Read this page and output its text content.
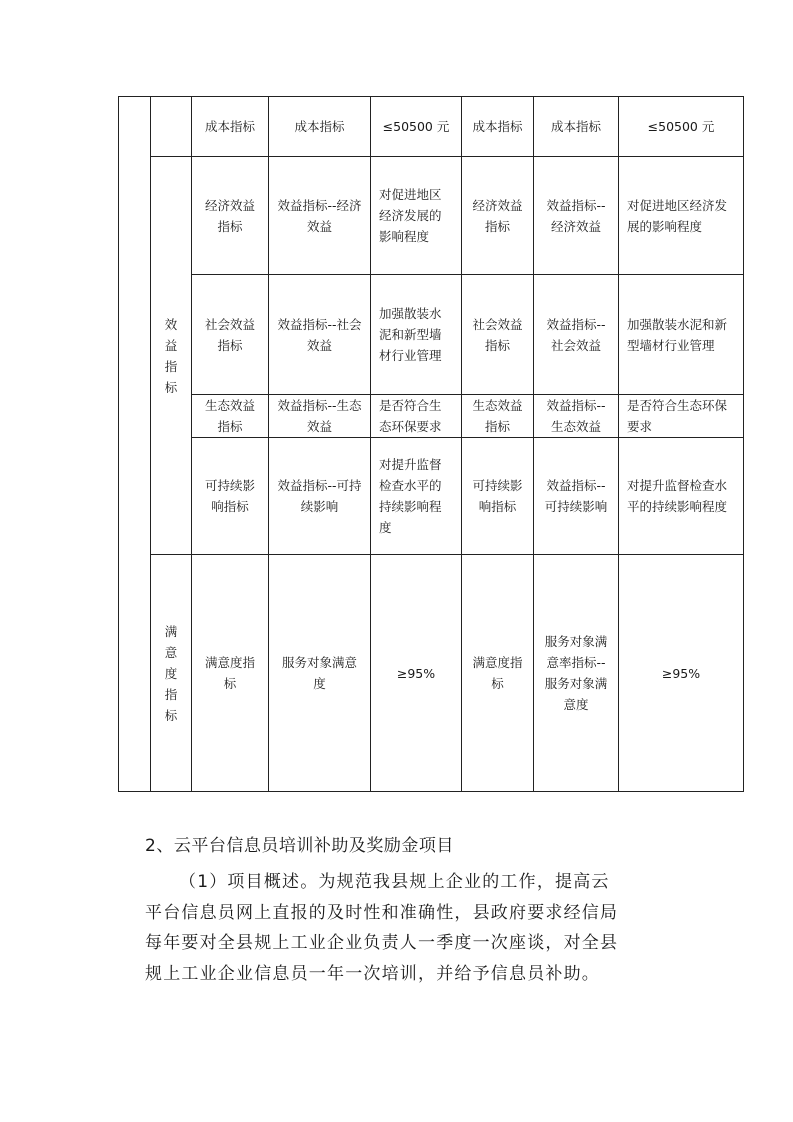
		成本指标	成本指标	≤50500 元	成本指标	成本指标	≤50500 元
	效益指标	经济效益指标	效益指标--经济效益	对促进地区经济发展的影响程度	经济效益指标	效益指标--经济效益	对促进地区经济发展的影响程度
		社会效益指标	效益指标--社会效益	加强散装水泥和新型墙材行业管理	社会效益指标	效益指标--社会效益	加强散装水泥和新型墙材行业管理
		生态效益指标	效益指标--生态效益	是否符合生态环保要求	生态效益指标	效益指标--生态效益	是否符合生态环保要求
		可持续影响指标	效益指标--可持续影响	对提升监督检查水平的持续影响程度	可持续影响指标	效益指标--可持续影响	对提升监督检查水平的持续影响程度
	满意度指标	满意度指标	服务对象满意度	≥95%	满意度指标	服务对象满意率指标--服务对象满意度	≥95%
2、云平台信息员培训补助及奖励金项目
（1）项目概述。为规范我县规上企业的工作，提高云
平台信息员网上直报的及时性和准确性，县政府要求经信局
每年要对全县规上工业企业负责人一季度一次座谈，对全县
规上工业企业信息员一年一次培训，并给予信息员补助。
